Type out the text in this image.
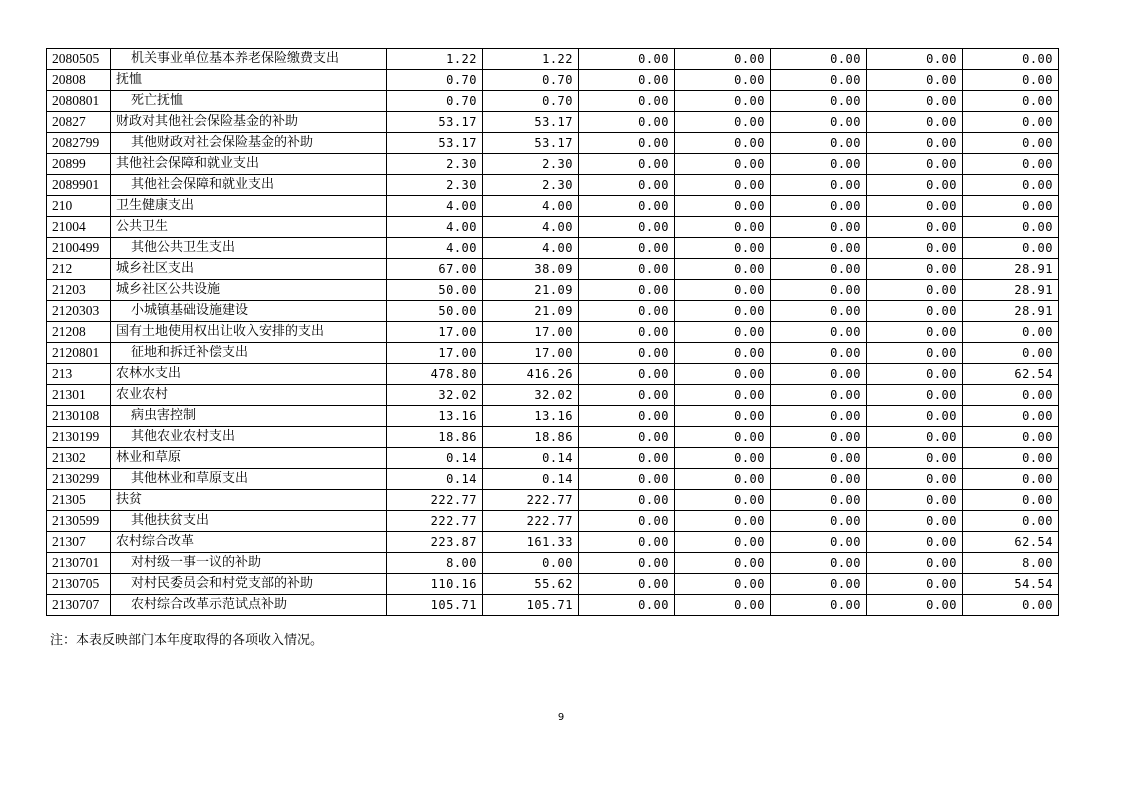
2080505	机关事业单位基本养老保险缴费支出	1.22	1.22	0.00	0.00	0.00	0.00	0.00
20808	抚恤	0.70	0.70	0.00	0.00	0.00	0.00	0.00
2080801	死亡抚恤	0.70	0.70	0.00	0.00	0.00	0.00	0.00
20827	财政对其他社会保险基金的补助	53.17	53.17	0.00	0.00	0.00	0.00	0.00
2082799	其他财政对社会保险基金的补助	53.17	53.17	0.00	0.00	0.00	0.00	0.00
20899	其他社会保障和就业支出	2.30	2.30	0.00	0.00	0.00	0.00	0.00
2089901	其他社会保障和就业支出	2.30	2.30	0.00	0.00	0.00	0.00	0.00
210	卫生健康支出	4.00	4.00	0.00	0.00	0.00	0.00	0.00
21004	公共卫生	4.00	4.00	0.00	0.00	0.00	0.00	0.00
2100499	其他公共卫生支出	4.00	4.00	0.00	0.00	0.00	0.00	0.00
212	城乡社区支出	67.00	38.09	0.00	0.00	0.00	0.00	28.91
21203	城乡社区公共设施	50.00	21.09	0.00	0.00	0.00	0.00	28.91
2120303	小城镇基础设施建设	50.00	21.09	0.00	0.00	0.00	0.00	28.91
21208	国有土地使用权出让收入安排的支出	17.00	17.00	0.00	0.00	0.00	0.00	0.00
2120801	征地和拆迁补偿支出	17.00	17.00	0.00	0.00	0.00	0.00	0.00
213	农林水支出	478.80	416.26	0.00	0.00	0.00	0.00	62.54
21301	农业农村	32.02	32.02	0.00	0.00	0.00	0.00	0.00
2130108	病虫害控制	13.16	13.16	0.00	0.00	0.00	0.00	0.00
2130199	其他农业农村支出	18.86	18.86	0.00	0.00	0.00	0.00	0.00
21302	林业和草原	0.14	0.14	0.00	0.00	0.00	0.00	0.00
2130299	其他林业和草原支出	0.14	0.14	0.00	0.00	0.00	0.00	0.00
21305	扶贫	222.77	222.77	0.00	0.00	0.00	0.00	0.00
2130599	其他扶贫支出	222.77	222.77	0.00	0.00	0.00	0.00	0.00
21307	农村综合改革	223.87	161.33	0.00	0.00	0.00	0.00	62.54
2130701	对村级一事一议的补助	8.00	0.00	0.00	0.00	0.00	0.00	8.00
2130705	对村民委员会和村党支部的补助	110.16	55.62	0.00	0.00	0.00	0.00	54.54
2130707	农村综合改革示范试点补助	105.71	105.71	0.00	0.00	0.00	0.00	0.00
注：本表反映部门本年度取得的各项收入情况。
9
